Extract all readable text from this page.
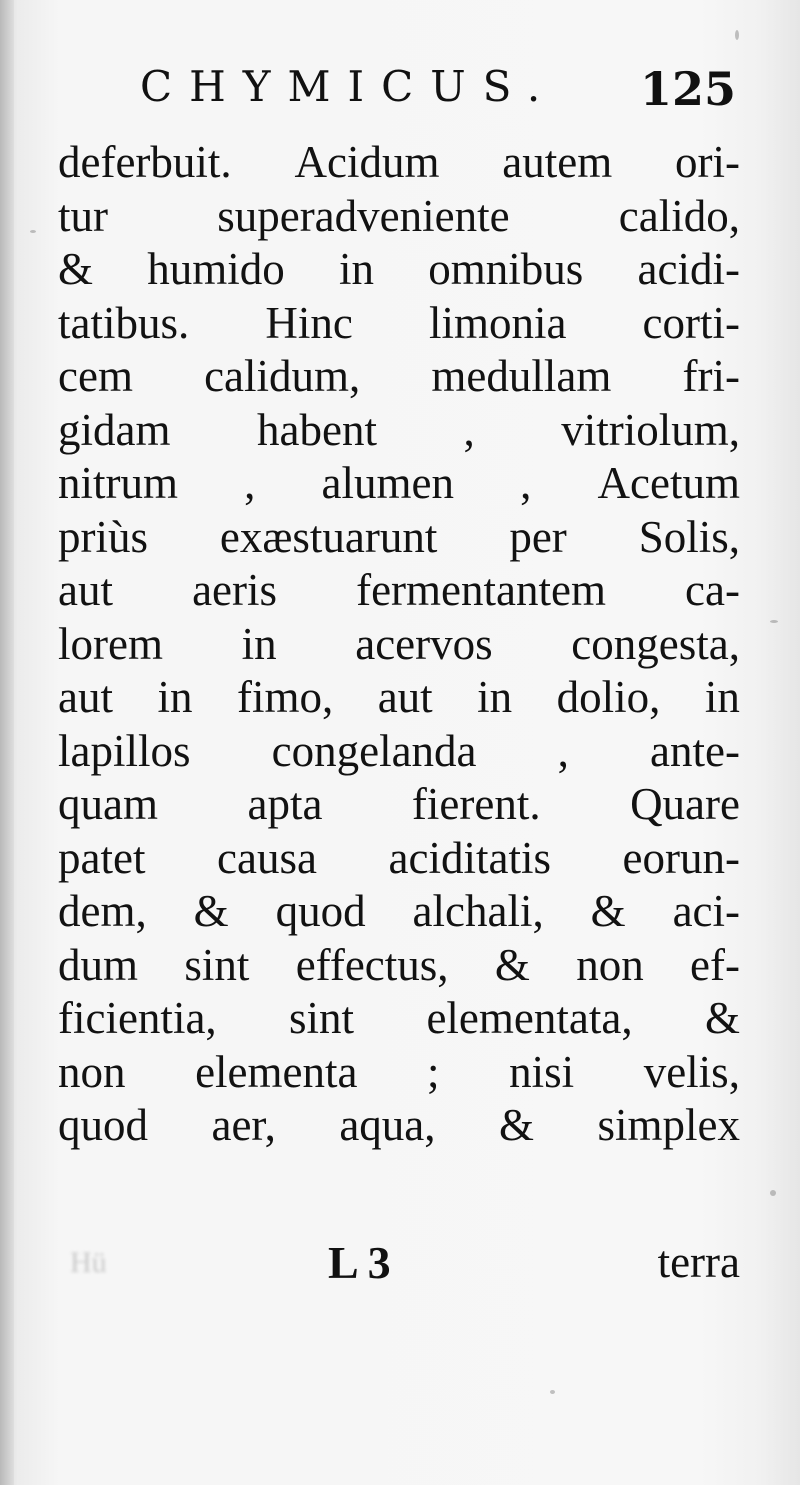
CHYMICUS. 125
deferbuit. Acidum autem ori-
tur superadveniente calido,
& humido in omnibus acidi-
tatibus. Hinc limonia corti-
cem calidum, medullam fri-
gidam habent , vitriolum,
nitrum , alumen , Acetum
priùs exæstuarunt per Solis,
aut aeris fermentantem ca-
lorem in acervos congesta,
aut in fimo, aut in dolio, in
lapillos congelanda , ante-
quam apta fierent. Quare
patet causa aciditatis eorun-
dem, & quod alchali, & aci-
dum sint effectus, & non ef-
ficientia, sint elementata, &
non elementa ; nisi velis,
quod aer, aqua, & simplex
Hü	L 3	terra
